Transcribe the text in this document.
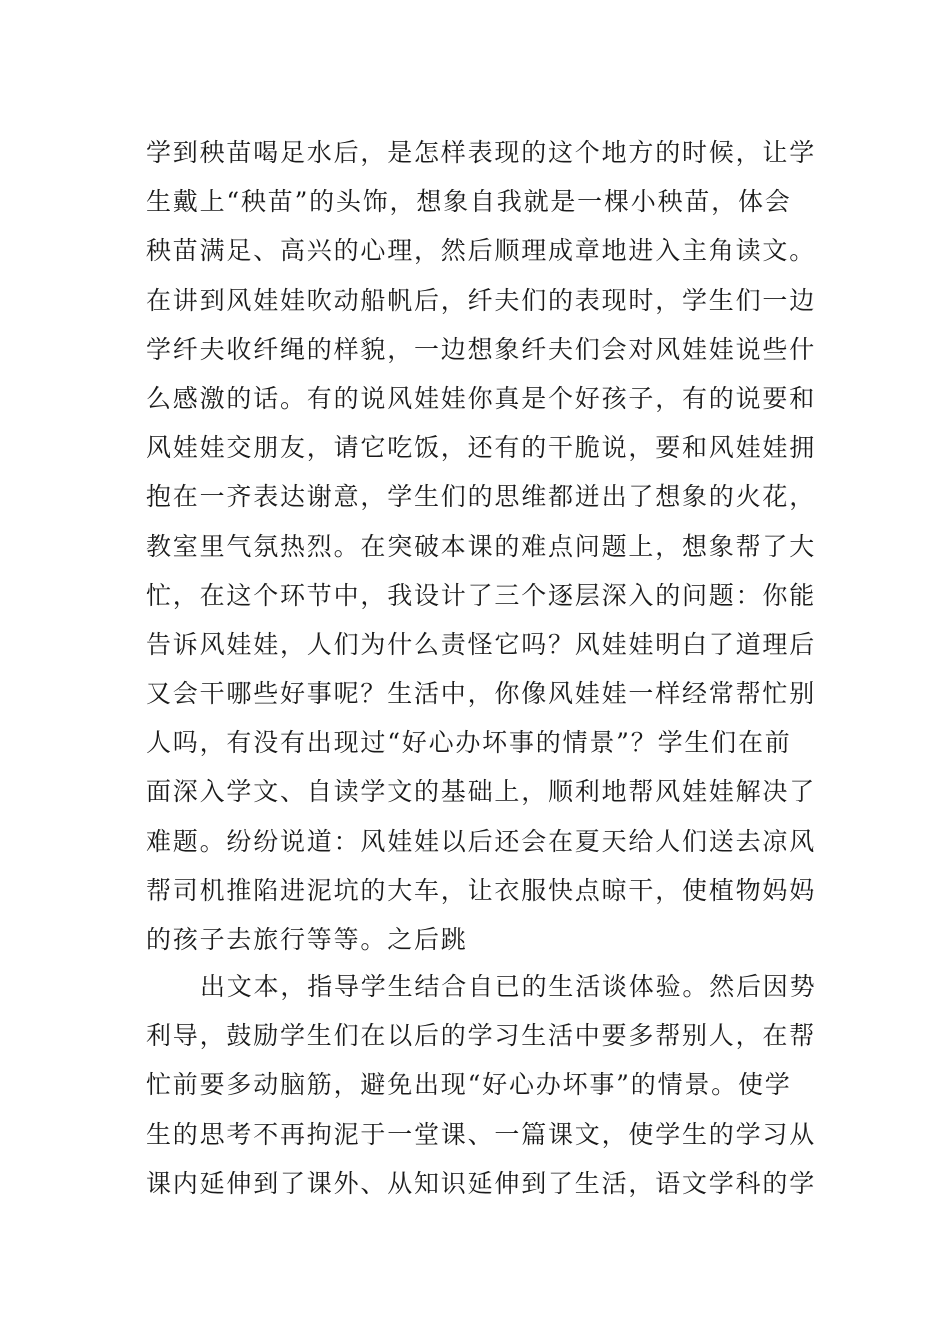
学到秧苗喝足水后，是怎样表现的这个地方的时候，让学
生戴上“秧苗”的头饰，想象自我就是一棵小秧苗，体会
秧苗满足、高兴的心理，然后顺理成章地进入主角读文。
在讲到风娃娃吹动船帆后，纤夫们的表现时，学生们一边
学纤夫收纤绳的样貌，一边想象纤夫们会对风娃娃说些什
么感激的话。有的说风娃娃你真是个好孩子，有的说要和
风娃娃交朋友，请它吃饭，还有的干脆说，要和风娃娃拥
抱在一齐表达谢意，学生们的思维都迸出了想象的火花，
教室里气氛热烈。在突破本课的难点问题上，想象帮了大
忙，在这个环节中，我设计了三个逐层深入的问题：你能
告诉风娃娃，人们为什么责怪它吗？风娃娃明白了道理后
又会干哪些好事呢？生活中，你像风娃娃一样经常帮忙别
人吗，有没有出现过“好心办坏事的情景”？学生们在前
面深入学文、自读学文的基础上，顺利地帮风娃娃解决了
难题。纷纷说道：风娃娃以后还会在夏天给人们送去凉风
帮司机推陷进泥坑的大车，让衣服快点晾干，使植物妈妈
的孩子去旅行等等。之后跳
出文本，指导学生结合自已的生活谈体验。然后因势
利导，鼓励学生们在以后的学习生活中要多帮别人，在帮
忙前要多动脑筋，避免出现“好心办坏事”的情景。使学
生的思考不再拘泥于一堂课、一篇课文，使学生的学习从
课内延伸到了课外、从知识延伸到了生活，语文学科的学
